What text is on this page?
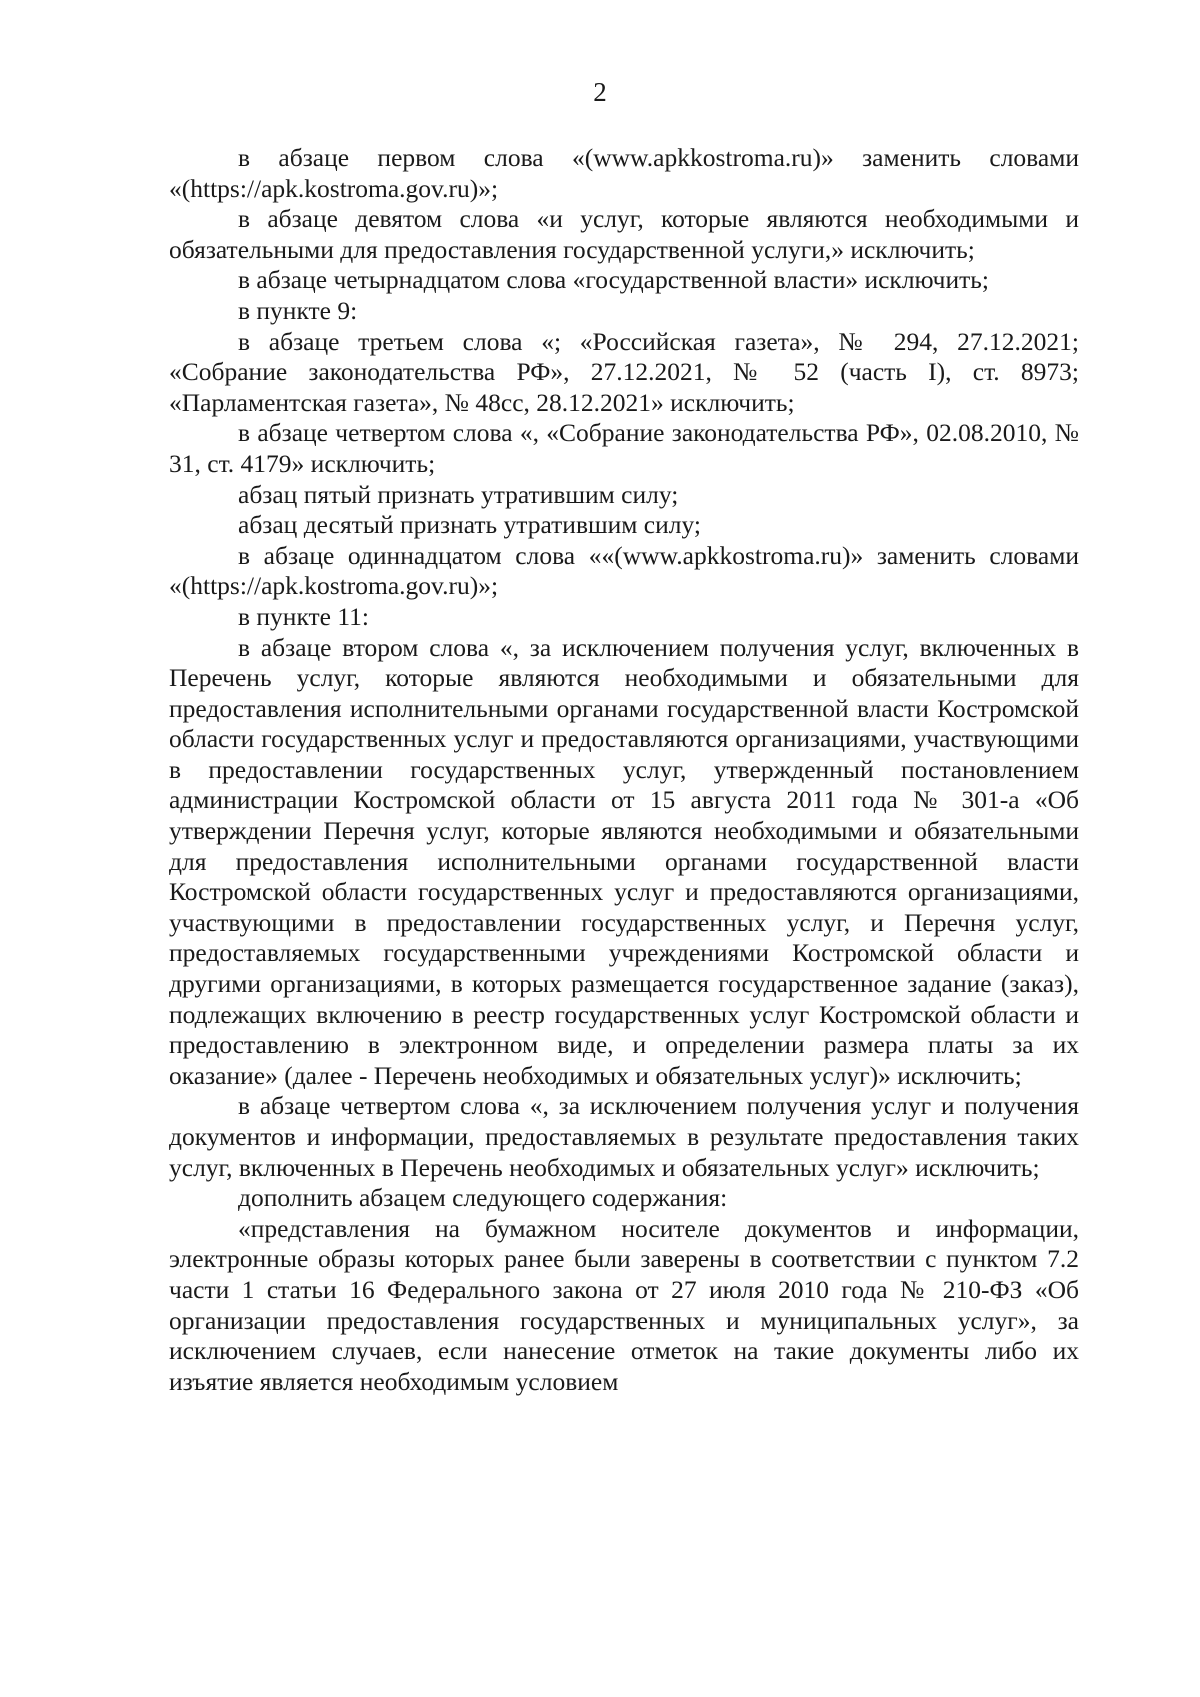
2

в абзаце первом слова «(www.apkkostroma.ru)» заменить словами «(https://apk.kostroma.gov.ru)»;

в абзаце девятом слова «и услуг, которые являются необходимыми и обязательными для предоставления государственной услуги,» исключить;

в абзаце четырнадцатом слова «государственной власти» исключить;

в пункте 9:

в абзаце третьем слова «; «Российская газета», № 294, 27.12.2021; «Собрание законодательства РФ», 27.12.2021, № 52 (часть I), ст. 8973; «Парламентская газета», № 48сс, 28.12.2021» исключить;

в абзаце четвертом слова «, «Собрание законодательства РФ», 02.08.2010, № 31, ст. 4179» исключить;

абзац пятый признать утратившим силу;

абзац десятый признать утратившим силу;

в абзаце одиннадцатом слова ««(www.apkkostroma.ru)» заменить словами «(https://apk.kostroma.gov.ru)»;

в пункте 11:

в абзаце втором слова «, за исключением получения услуг, включенных в Перечень услуг, которые являются необходимыми и обязательными для предоставления исполнительными органами государственной власти Костромской области государственных услуг и предоставляются организациями, участвующими в предоставлении государственных услуг, утвержденный постановлением администрации Костромской области от 15 августа 2011 года № 301-а «Об утверждении Перечня услуг, которые являются необходимыми и обязательными для предоставления исполнительными органами государственной власти Костромской области государственных услуг и предоставляются организациями, участвующими в предоставлении государственных услуг, и Перечня услуг, предоставляемых государственными учреждениями Костромской области и другими организациями, в которых размещается государственное задание (заказ), подлежащих включению в реестр государственных услуг Костромской области и предоставлению в электронном виде, и определении размера платы за их оказание» (далее - Перечень необходимых и обязательных услуг)» исключить;

в абзаце четвертом слова «, за исключением получения услуг и получения документов и информации, предоставляемых в результате предоставления таких услуг, включенных в Перечень необходимых и обязательных услуг» исключить;

дополнить абзацем следующего содержания:

«представления на бумажном носителе документов и информации, электронные образы которых ранее были заверены в соответствии с пунктом 7.2 части 1 статьи 16 Федерального закона от 27 июля 2010 года № 210-ФЗ «Об организации предоставления государственных и муниципальных услуг», за исключением случаев, если нанесение отметок на такие документы либо их изъятие является необходимым условием
